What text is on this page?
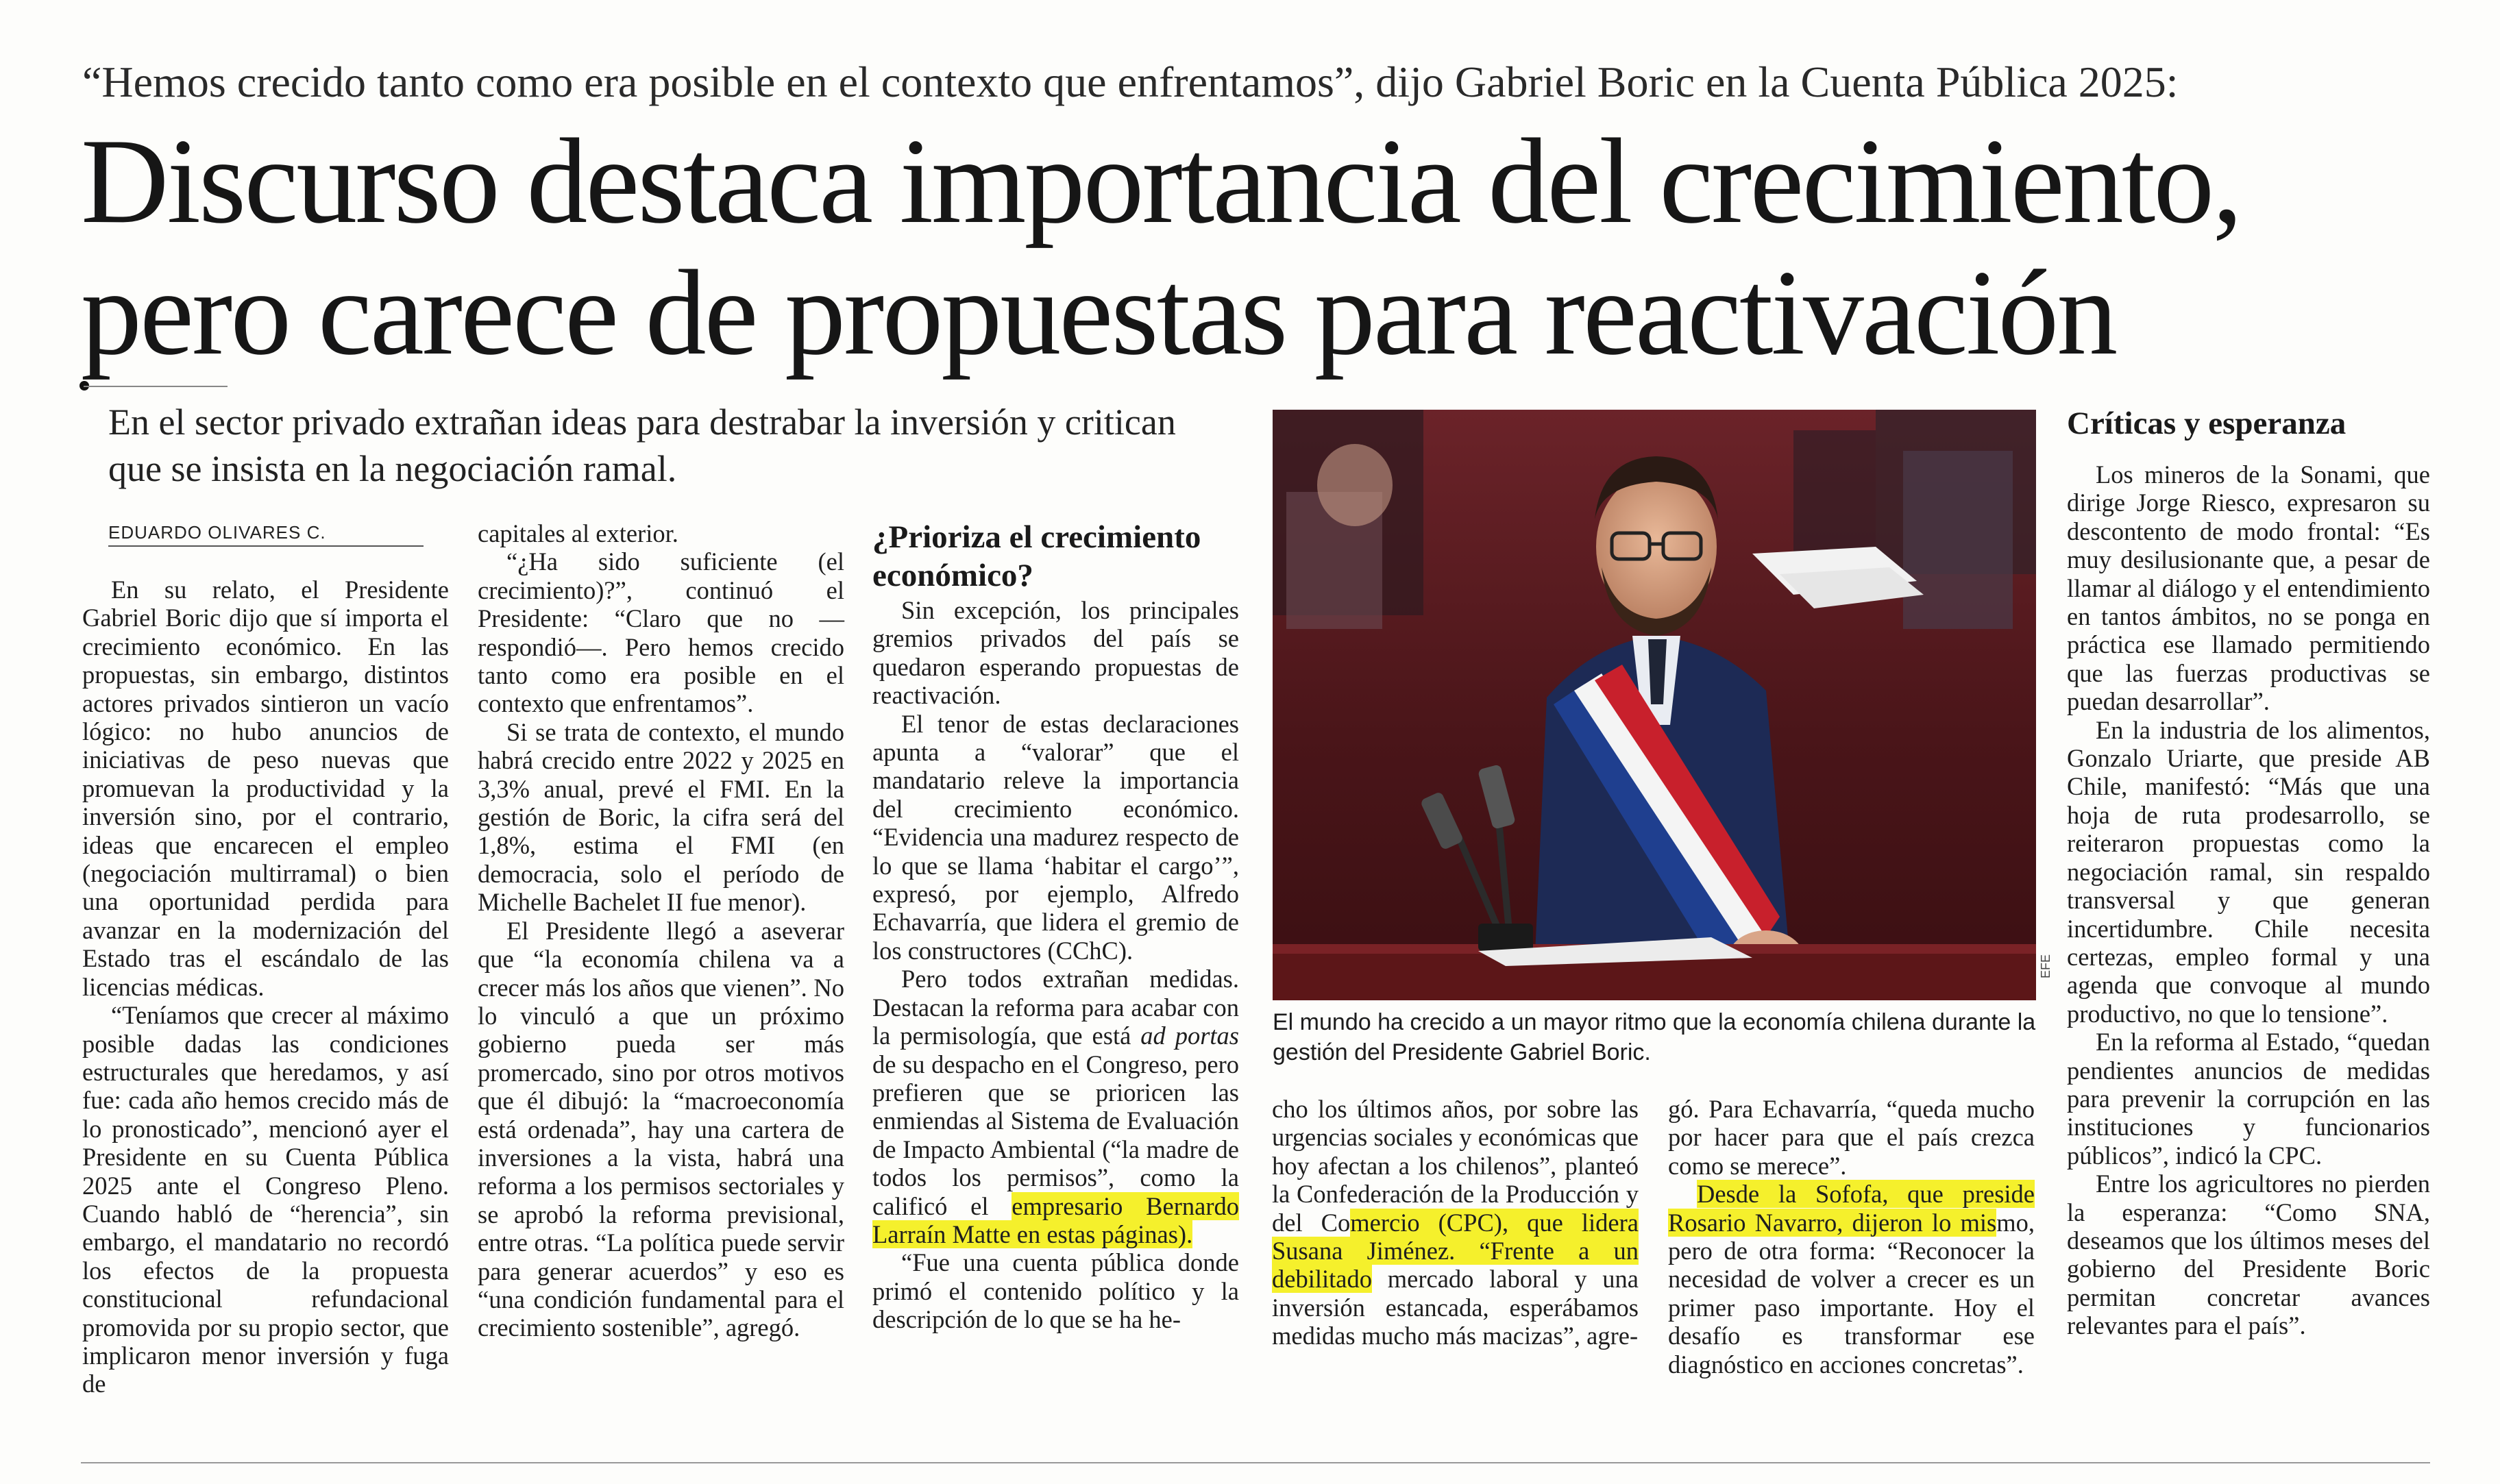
“Hemos crecido tanto como era posible en el contexto que enfrentamos”, dijo Gabriel Boric en la Cuenta Pública 2025:
Discurso destaca importancia del crecimiento,
pero carece de propuestas para reactivación
En el sector privado extrañan ideas para destrabar la inversión y critican que se insista en la negociación ramal.
EDUARDO OLIVARES C.

En su relato, el Presidente Gabriel Boric dijo que sí importa el crecimiento económico. En las propuestas, sin embargo, distintos actores privados sintieron un vacío lógico: no hubo anuncios de iniciativas de peso nuevas que promuevan la productividad y la inversión sino, por el contrario, ideas que encarecen el empleo (negociación multirramal) o bien una oportunidad perdida para avanzar en la modernización del Estado tras el escándalo de las licencias médicas.

“Teníamos que crecer al máximo posible dadas las condiciones estructurales que heredamos, y así fue: cada año hemos crecido más de lo pronosticado”, mencionó ayer el Presidente en su Cuenta Pública 2025 ante el Congreso Pleno. Cuando habló de “herencia”, sin embargo, el mandatario no recordó los efectos de la propuesta constitucional refundacional promovida por su propio sector, que implicaron menor inversión y fuga de

capitales al exterior.

“¿Ha sido suficiente (el crecimiento)?”, continuó el Presidente: “Claro que no —respondió—. Pero hemos crecido tanto como era posible en el contexto que enfrentamos”.

Si se trata de contexto, el mundo habrá crecido entre 2022 y 2025 en 3,3% anual, prevé el FMI. En la gestión de Boric, la cifra será del 1,8%, estima el FMI (en democracia, solo el período de Michelle Bachelet II fue menor).

El Presidente llegó a aseverar que “la economía chilena va a crecer más los años que vienen”. No lo vinculó a que un próximo gobierno pueda ser más promercado, sino por otros motivos que él dibujó: la “macroeconomía está ordenada”, hay una cartera de inversiones a la vista, habrá una reforma a los permisos sectoriales y se aprobó la reforma previsional, entre otras. “La política puede servir para generar acuerdos” y eso es “una condición fundamental para el crecimiento sostenible”, agregó.

¿Prioriza el crecimiento económico?

Sin excepción, los principales gremios privados del país se quedaron esperando propuestas de reactivación.

El tenor de estas declaraciones apunta a “valorar” que el mandatario releve la importancia del crecimiento económico. “Evidencia una madurez respecto de lo que se llama ‘habitar el cargo’”, expresó, por ejemplo, Alfredo Echavarría, que lidera el gremio de los constructores (CChC).

Pero todos extrañan medidas. Destacan la reforma para acabar con la permisología, que está ad portas de su despacho en el Congreso, pero prefieren que se prioricen las enmiendas al Sistema de Evaluación de Impacto Ambiental (“la madre de todos los permisos”, como la calificó el empresario Bernardo Larraín Matte en estas páginas).

“Fue una cuenta pública donde primó el contenido político y la descripción de lo que se ha he-

EFE
El mundo ha crecido a un mayor ritmo que la economía chilena durante la gestión del Presidente Gabriel Boric.

cho los últimos años, por sobre las urgencias sociales y económicas que hoy afectan a los chilenos”, planteó la Confederación de la Producción y del Comercio (CPC), que lidera Susana Jiménez. “Frente a un debilitado mercado laboral y una inversión estancada, esperábamos medidas mucho más macizas”, agre-

gó. Para Echavarría, “queda mucho por hacer para que el país crezca como se merece”.

Desde la Sofofa, que preside Rosario Navarro, dijeron lo mismo, pero de otra forma: “Reconocer la necesidad de volver a crecer es un primer paso importante. Hoy el desafío es transformar ese diagnóstico en acciones concretas”.

Críticas y esperanza

Los mineros de la Sonami, que dirige Jorge Riesco, expresaron su descontento de modo frontal: “Es muy desilusionante que, a pesar de llamar al diálogo y el entendimiento en tantos ámbitos, no se ponga en práctica ese llamado permitiendo que las fuerzas productivas se puedan desarrollar”.

En la industria de los alimentos, Gonzalo Uriarte, que preside AB Chile, manifestó: “Más que una hoja de ruta prodesarrollo, se reiteraron propuestas como la negociación ramal, sin respaldo transversal y que generan incertidumbre. Chile necesita certezas, empleo formal y una agenda que convoque al mundo productivo, no que lo tensione”.

En la reforma al Estado, “quedan pendientes anuncios de medidas para prevenir la corrupción en las instituciones y funcionarios públicos”, indicó la CPC.

Entre los agricultores no pierden la esperanza: “Como SNA, deseamos que los últimos meses del gobierno del Presidente Boric permitan concretar avances relevantes para el país”.
